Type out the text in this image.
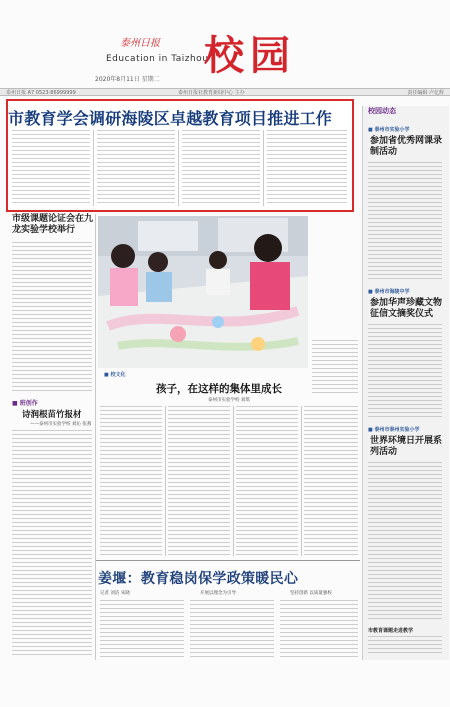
泰州日报
Education in Taizhou
校园
2020年8月11日 星期二
泰州日报 A7 0523-86999999	泰州日报社教育新闻中心 主办	责任编辑 卢亿辉
市教育学会调研海陵区卓越教育项目推进工作	校园动态
■ 泰州市实验小学
参加省优秀网课录制活动
■ 泰州市海陵中学
参加华声珍藏文物征信文摘奖仪式
■ 泰州市泰州实验小学
世界环境日开展系列活动
市教育课题走进教学
市级课题论证会在九龙实验学校举行
■ 班创作
诗润根苗竹报材
——泰州市实验学校 刘沁 张燕
■ 校文化
孩子，在这样的集体里成长
泰州市实验学校 刘琪
姜堰：教育稳岗保学政策暖民心
记者 刘洁 朱晓	开展以理念为引导	坚持创新 以质量强校
